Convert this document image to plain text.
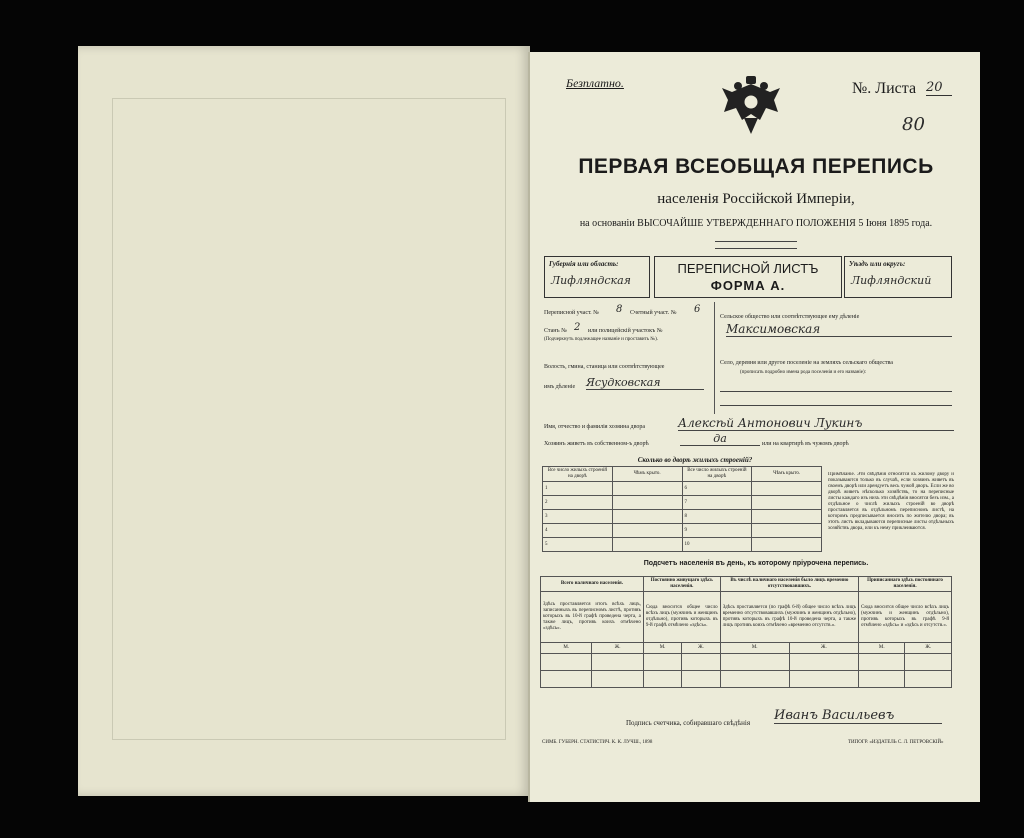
Безплатно.	№. Листа 20
80
ПЕРВАЯ ВСЕОБЩАЯ ПЕРЕПИСЬ
населенія Россійской Имперіи,
на основаніи ВЫСОЧАЙШЕ УТВЕРЖДЕННАГО ПОЛОЖЕНІЯ 5 Іюня 1895 года.
Губернія или область:
Лифляндская
ПЕРЕПИСНОЙ ЛИСТЪ
ФОРМА А.
Уѣздъ или округъ:
Лифляндский
Переписной участ. № 8 Счетный участ. № 6
Станъ № 2 или полицейскій участокъ №
(Подчеркнуть подлежащее названіе и проставить №).
Волость, гмина, станица или соотвѣтствующее
имъ дѣленіе Ясудковская
Сельское общество или соотвѣтствующее ему дѣленіе
Максимовская
Село, деревня или другое поселеніе на земляхъ сельскаго общества
(прописать подробно имена рода поселенія и его названіе):
Имя, отчество и фамилія хозяина двора	Алексѣй Антонович Лукинъ
Хозяинъ живетъ въ собственном-ъ дворѣ	да	или на квартирѣ въ чужомъ дворѣ
Сколько во дворѣ жилыхъ строеній?
Все число жилыхъ строеній на дворѣ	Чѣмъ крыто.	Все число жилыхъ строеній на дворѣ	Чѣмъ крыто.
1		6	
2		7	
3		8	
4		9	
5		10	
Примѣчаніе. Эти свѣдѣнія относятся къ жилому двору и показываются только въ случаѣ, если хозяинъ живетъ въ своемъ дворѣ или арендуетъ весь чужой дворъ. Если же во дворѣ живетъ нѣсколько хозяйствъ, то на переписные листы каждаго изъ нихъ эти свѣдѣнія вносятся безъ изм., а отдѣльное о числѣ жилыхъ строеній во дворѣ проставляется въ отдѣльномъ переписномъ листѣ, на которомъ предписывается вносить по жителю двора; въ этотъ листъ вкладываются переписные листы отдѣльныхъ хозяйствъ двора, или къ нему приклеиваются.
Подсчетъ населенія въ день, къ которому пріурочена перепись.
Всего наличнаго населенія.		Постоянно живущаго здѣсь населенія.		Въ числѣ наличнаго населенія было лицъ временно отсутствовавшихъ.		Приписаннаго здѣсь постояннаго населенія.	
Здѣсь проставляется итогъ всѣхъ лицъ, записанныхъ въ переписномъ листѣ, противъ которыхъ въ 10-й графѣ проведена черта, а также лицъ, противъ коихъ отмѣчено «здѣсь».		Сюда вносится общее число всѣхъ лицъ (мужчинъ и женщинъ отдѣльно), противъ которыхъ въ 9-й графѣ отмѣчено «здѣсь».		Здѣсь проставляется (по графѣ 6-й) общее число всѣхъ лицъ временно отсутствовавшихъ (мужчинъ и женщинъ отдѣльно), противъ которыхъ въ графѣ 10-й проведена черта, а также лицъ противъ коихъ отмѣчено «временно отсутств.».		Сюда вносится общее число всѣхъ лицъ (мужчинъ и женщинъ отдѣльно), противъ которыхъ въ графѣ 9-й отмѣчено «здѣсь» и «здѣсь и отсутств.».	
М.	Ж.	М.	Ж.	М.	Ж.	М.	Ж.

Подпись счетчика, собиравшаго свѣдѣнія Иванъ Васильевъ
СИМБ. ГУБЕРН. СТАТИСТИЧ. К. К. ЛУЧШ., 1898	ТИПОГР. «ИЗДАТЕЛЬ С. Л. ПЕТРОВСКІЙ»
